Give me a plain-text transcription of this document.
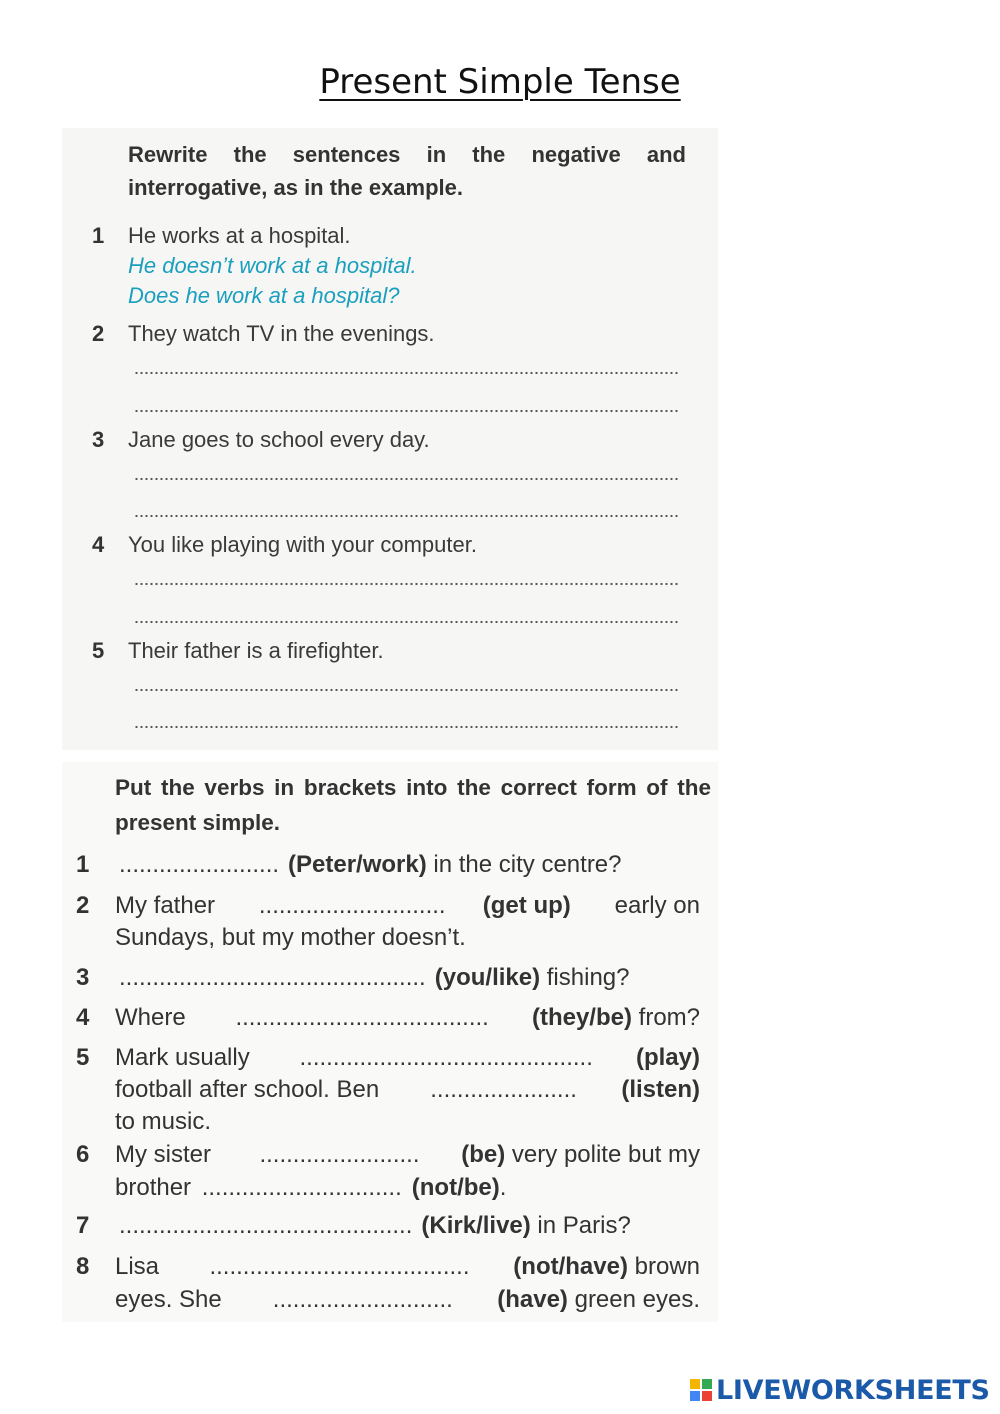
Present Simple Tense
Rewrite the sentences in the negative and interrogative, as in the example.
1 He works at a hospital.
He doesn’t work at a hospital.
Does he work at a hospital?
2 They watch TV in the evenings.
3 Jane goes to school every day.
4 You like playing with your computer.
5 Their father is a firefighter.
Put the verbs in brackets into the correct form of the present simple.
1 ........................ (Peter/work) in the city centre?
2 My father ............................ (get up) early on
Sundays, but my mother doesn’t.
3 .............................................. (you/like) fishing?
4 Where ...................................... (they/be) from?
5 Mark usually ............................................ (play)
football after school. Ben ...................... (listen)
to music.
6 My sister ........................ (be) very polite but my
brother .............................. (not/be) .
7 ............................................ (Kirk/live) in Paris?
8 Lisa ....................................... (not/have) brown
eyes. She ........................... (have) green eyes.
LIVEWORKSHEETS
